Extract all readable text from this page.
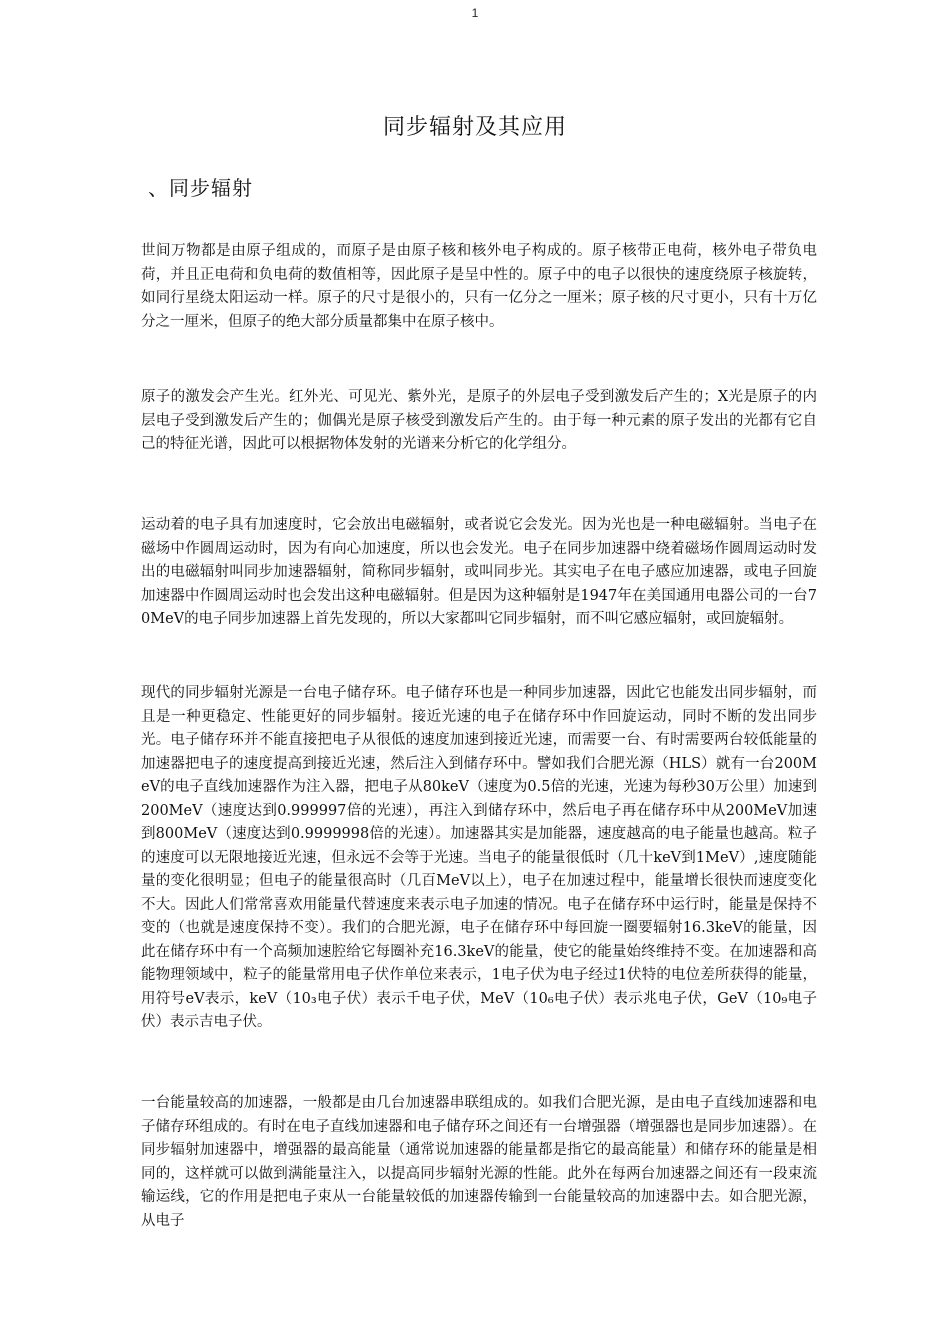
1
同步辐射及其应用
、同步辐射

世间万物都是由原子组成的，而原子是由原子核和核外电子构成的。原子核带正电荷，核外电子带负电荷，并且正电荷和负电荷的数值相等，因此原子是呈中性的。原子中的电子以很快的速度绕原子核旋转，如同行星绕太阳运动一样。原子的尺寸是很小的，只有一亿分之一厘米；原子核的尺寸更小，只有十万亿分之一厘米，但原子的绝大部分质量都集中在原子核中。

原子的激发会产生光。红外光、可见光、紫外光，是原子的外层电子受到激发后产生的；X光是原子的内层电子受到激发后产生的；伽偶光是原子核受到激发后产生的。由于每一种元素的原子发出的光都有它自己的特征光谱，因此可以根据物体发射的光谱来分析它的化学组分。

运动着的电子具有加速度时，它会放出电磁辐射，或者说它会发光。因为光也是一种电磁辐射。当电子在磁场中作圆周运动时，因为有向心加速度，所以也会发光。电子在同步加速器中绕着磁场作圆周运动时发出的电磁辐射叫同步加速器辐射，简称同步辐射，或叫同步光。其实电子在电子感应加速器，或电子回旋加速器中作圆周运动时也会发出这种电磁辐射。但是因为这种辐射是1947年在美国通用电器公司的一台70MeV的电子同步加速器上首先发现的，所以大家都叫它同步辐射，而不叫它感应辐射，或回旋辐射。

现代的同步辐射光源是一台电子储存环。电子储存环也是一种同步加速器，因此它也能发出同步辐射，而且是一种更稳定、性能更好的同步辐射。接近光速的电子在储存环中作回旋运动，同时不断的发出同步光。电子储存环并不能直接把电子从很低的速度加速到接近光速，而需要一台、有时需要两台较低能量的加速器把电子的速度提高到接近光速，然后注入到储存环中。譬如我们合肥光源（HLS）就有一台200MeV的电子直线加速器作为注入器，把电子从80keV（速度为0.5倍的光速，光速为每秒30万公里）加速到200MeV（速度达到0.999997倍的光速），再注入到储存环中，然后电子再在储存环中从200MeV加速到800MeV（速度达到0.9999998倍的光速）。加速器其实是加能器，速度越高的电子能量也越高。粒子的速度可以无限地接近光速，但永远不会等于光速。当电子的能量很低时（几十keV到1MeV）,速度随能量的变化很明显；但电子的能量很高时（几百MeV以上），电子在加速过程中，能量增长很快而速度变化不大。因此人们常常喜欢用能量代替速度来表示电子加速的情况。电子在储存环中运行时，能量是保持不变的（也就是速度保持不变）。我们的合肥光源，电子在储存环中每回旋一圈要辐射16.3keV的能量，因此在储存环中有一个高频加速腔给它每圈补充16.3keV的能量，使它的能量始终维持不变。在加速器和高能物理领域中，粒子的能量常用电子伏作单位来表示，1电子伏为电子经过1伏特的电位差所获得的能量，用符号eV表示，keV（10₃电子伏）表示千电子伏，MeV（10₆电子伏）表示兆电子伏，GeV（10₉电子伏）表示吉电子伏。

一台能量较高的加速器，一般都是由几台加速器串联组成的。如我们合肥光源，是由电子直线加速器和电子储存环组成的。有时在电子直线加速器和电子储存环之间还有一台增强器（增强器也是同步加速器）。在同步辐射加速器中，增强器的最高能量（通常说加速器的能量都是指它的最高能量）和储存环的能量是相同的，这样就可以做到满能量注入，以提高同步辐射光源的性能。此外在每两台加速器之间还有一段束流输运线，它的作用是把电子束从一台能量较低的加速器传输到一台能量较高的加速器中去。如合肥光源，从电子
